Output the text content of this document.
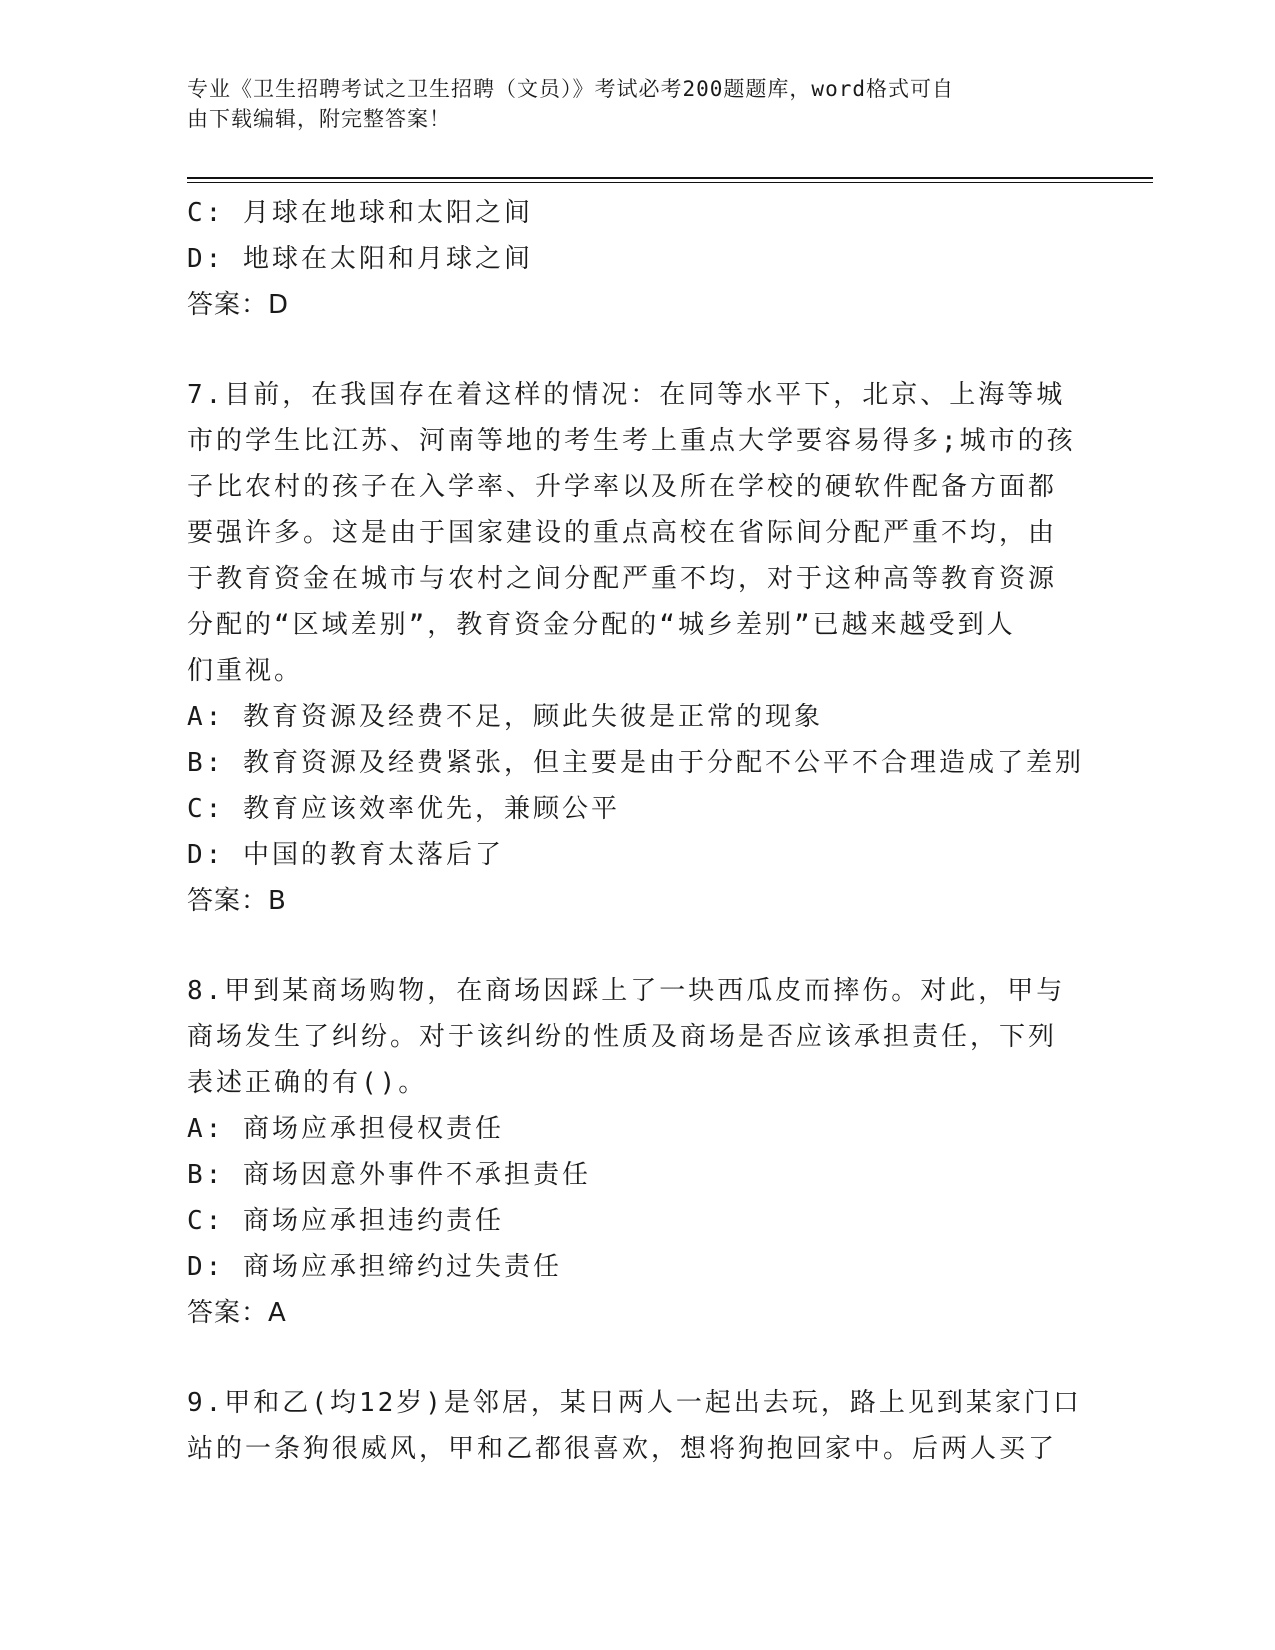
专业《卫生招聘考试之卫生招聘（文员）》考试必考200题题库，word格式可自
由下载编辑，附完整答案！
C: 月球在地球和太阳之间
D: 地球在太阳和月球之间
答案：D
7.目前，在我国存在着这样的情况：在同等水平下，北京、上海等城
市的学生比江苏、河南等地的考生考上重点大学要容易得多;城市的孩
子比农村的孩子在入学率、升学率以及所在学校的硬软件配备方面都
要强许多。这是由于国家建设的重点高校在省际间分配严重不均，由
于教育资金在城市与农村之间分配严重不均，对于这种高等教育资源
分配的“区域差别”，教育资金分配的“城乡差别”已越来越受到人
们重视。
A: 教育资源及经费不足，顾此失彼是正常的现象
B: 教育资源及经费紧张，但主要是由于分配不公平不合理造成了差别
C: 教育应该效率优先，兼顾公平
D: 中国的教育太落后了
答案：B
8.甲到某商场购物，在商场因踩上了一块西瓜皮而摔伤。对此，甲与
商场发生了纠纷。对于该纠纷的性质及商场是否应该承担责任，下列
表述正确的有()。
A: 商场应承担侵权责任
B: 商场因意外事件不承担责任
C: 商场应承担违约责任
D: 商场应承担缔约过失责任
答案：A
9.甲和乙(均12岁)是邻居，某日两人一起出去玩，路上见到某家门口
站的一条狗很威风，甲和乙都很喜欢，想将狗抱回家中。后两人买了
